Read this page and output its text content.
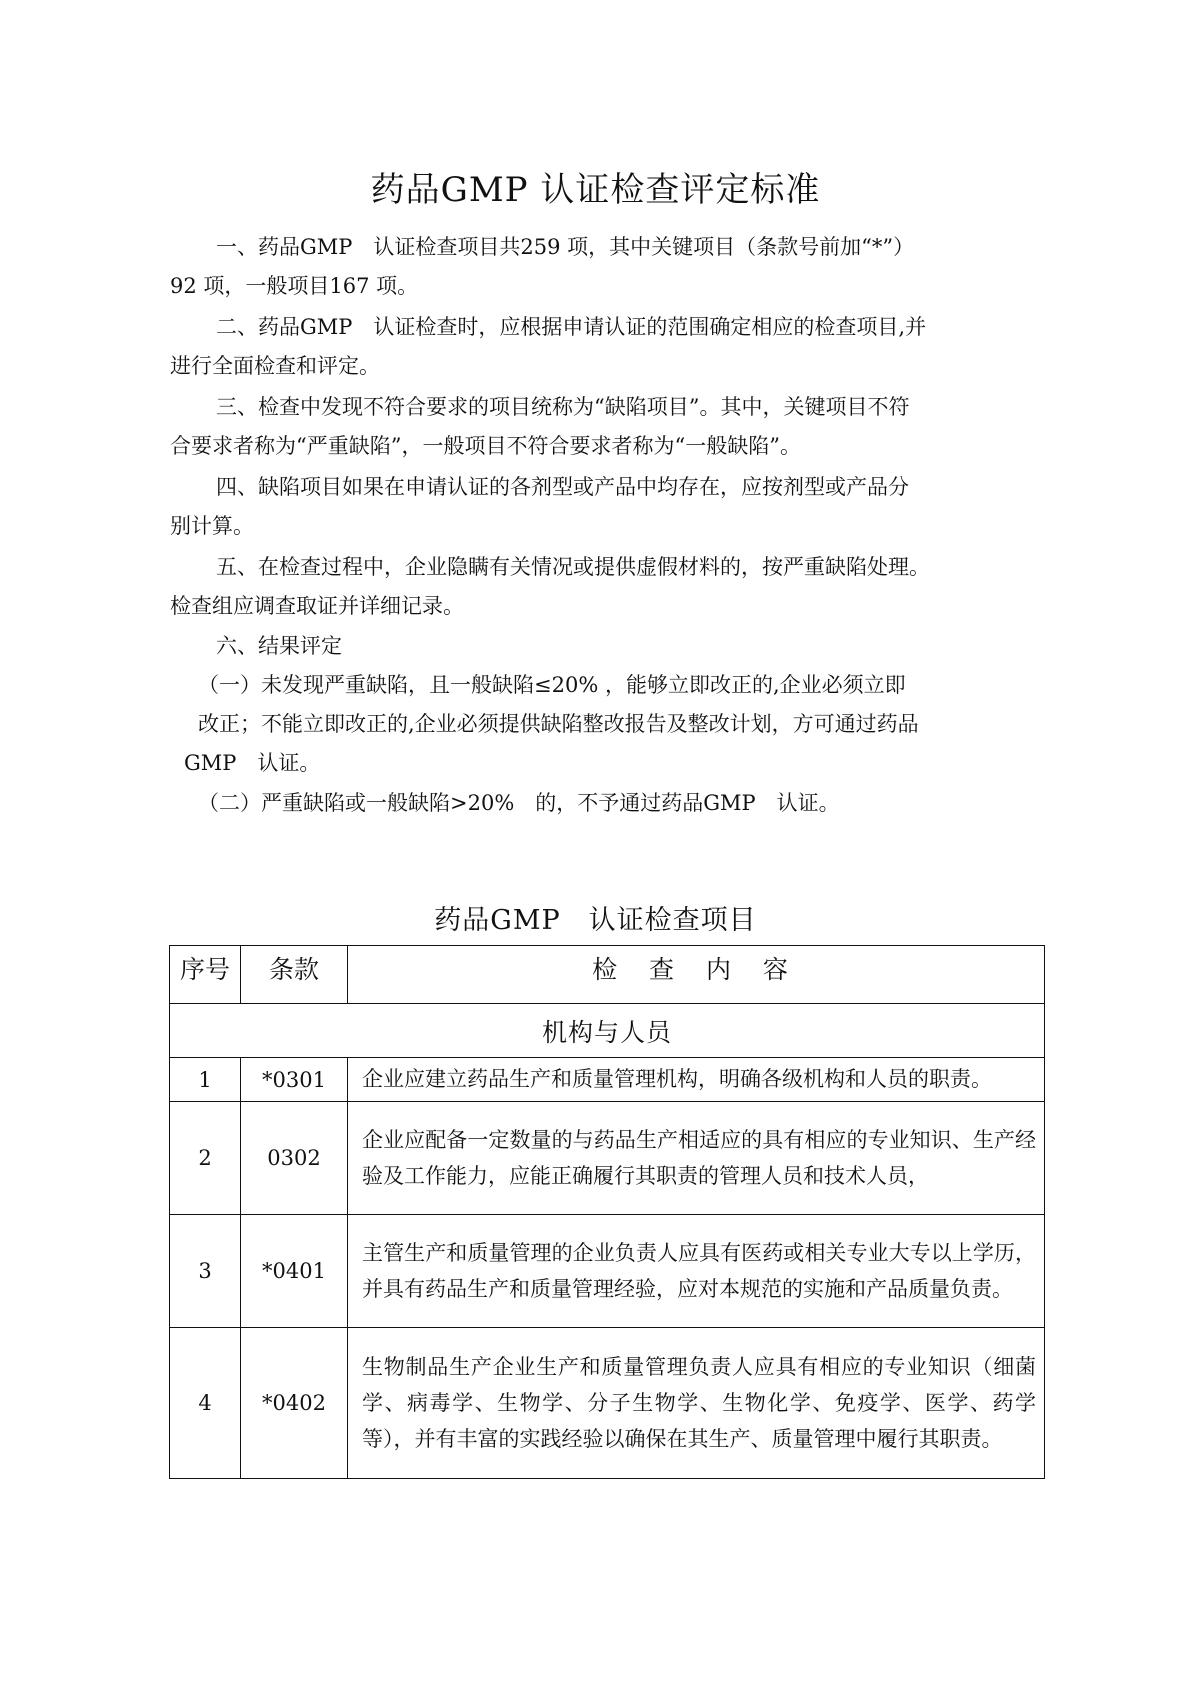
药品GMP 认证检查评定标准
一、药品GMP　认证检查项目共259 项，其中关键项目（条款号前加“*”）
92 项，一般项目167 项。
二、药品GMP　认证检查时，应根据申请认证的范围确定相应的检查项目,并
进行全面检查和评定。
三、检查中发现不符合要求的项目统称为“缺陷项目”。其中，关键项目不符
合要求者称为“严重缺陷”，一般项目不符合要求者称为“一般缺陷”。
四、缺陷项目如果在申请认证的各剂型或产品中均存在，应按剂型或产品分
别计算。
五、在检查过程中，企业隐瞒有关情况或提供虚假材料的，按严重缺陷处理。
检查组应调查取证并详细记录。
六、结果评定
（一）未发现严重缺陷，且一般缺陷≤20% ，能够立即改正的,企业必须立即
改正；不能立即改正的,企业必须提供缺陷整改报告及整改计划，方可通过药品
GMP　认证。
（二）严重缺陷或一般缺陷>20%　的，不予通过药品GMP　认证。
药品GMP　认证检查项目
序号	条款	检 查 内 容
机构与人员		
1	*0301	企业应建立药品生产和质量管理机构，明确各级机构和人员的职责。
2	0302	企业应配备一定数量的与药品生产相适应的具有相应的专业知识、生产经验及工作能力，应能正确履行其职责的管理人员和技术人员，
3	*0401	主管生产和质量管理的企业负责人应具有医药或相关专业大专以上学历，并具有药品生产和质量管理经验，应对本规范的实施和产品质量负责。
4	*0402	生物制品生产企业生产和质量管理负责人应具有相应的专业知识（细菌学、病毒学、生物学、分子生物学、生物化学、免疫学、医学、药学等），并有丰富的实践经验以确保在其生产、质量管理中履行其职责。
